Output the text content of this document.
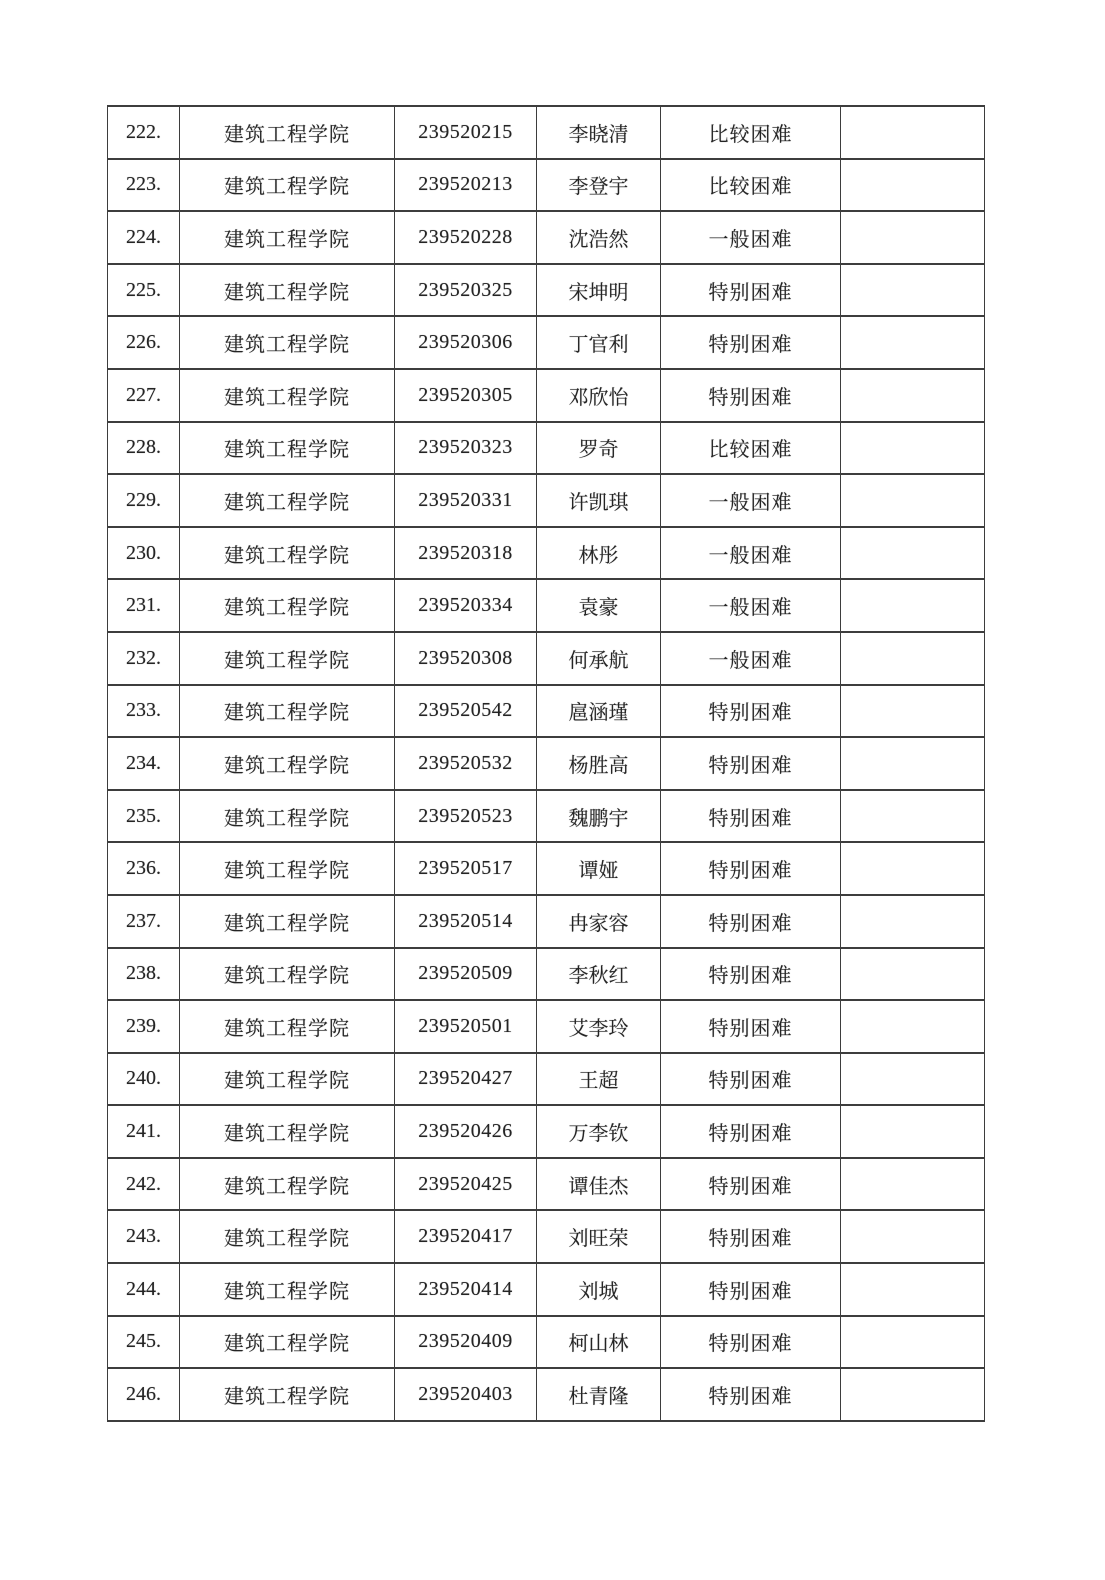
222.	建筑工程学院	239520215	李晓清	比较困难	
223.	建筑工程学院	239520213	李登宇	比较困难	
224.	建筑工程学院	239520228	沈浩然	一般困难	
225.	建筑工程学院	239520325	宋坤明	特别困难	
226.	建筑工程学院	239520306	丁官利	特别困难	
227.	建筑工程学院	239520305	邓欣怡	特别困难	
228.	建筑工程学院	239520323	罗奇	比较困难	
229.	建筑工程学院	239520331	许凯琪	一般困难	
230.	建筑工程学院	239520318	林彤	一般困难	
231.	建筑工程学院	239520334	袁豪	一般困难	
232.	建筑工程学院	239520308	何承航	一般困难	
233.	建筑工程学院	239520542	扈涵瑾	特别困难	
234.	建筑工程学院	239520532	杨胜高	特别困难	
235.	建筑工程学院	239520523	魏鹏宇	特别困难	
236.	建筑工程学院	239520517	谭娅	特别困难	
237.	建筑工程学院	239520514	冉家容	特别困难	
238.	建筑工程学院	239520509	李秋红	特别困难	
239.	建筑工程学院	239520501	艾李玲	特别困难	
240.	建筑工程学院	239520427	王超	特别困难	
241.	建筑工程学院	239520426	万李钦	特别困难	
242.	建筑工程学院	239520425	谭佳杰	特别困难	
243.	建筑工程学院	239520417	刘旺荣	特别困难	
244.	建筑工程学院	239520414	刘城	特别困难	
245.	建筑工程学院	239520409	柯山林	特别困难	
246.	建筑工程学院	239520403	杜青隆	特别困难	
